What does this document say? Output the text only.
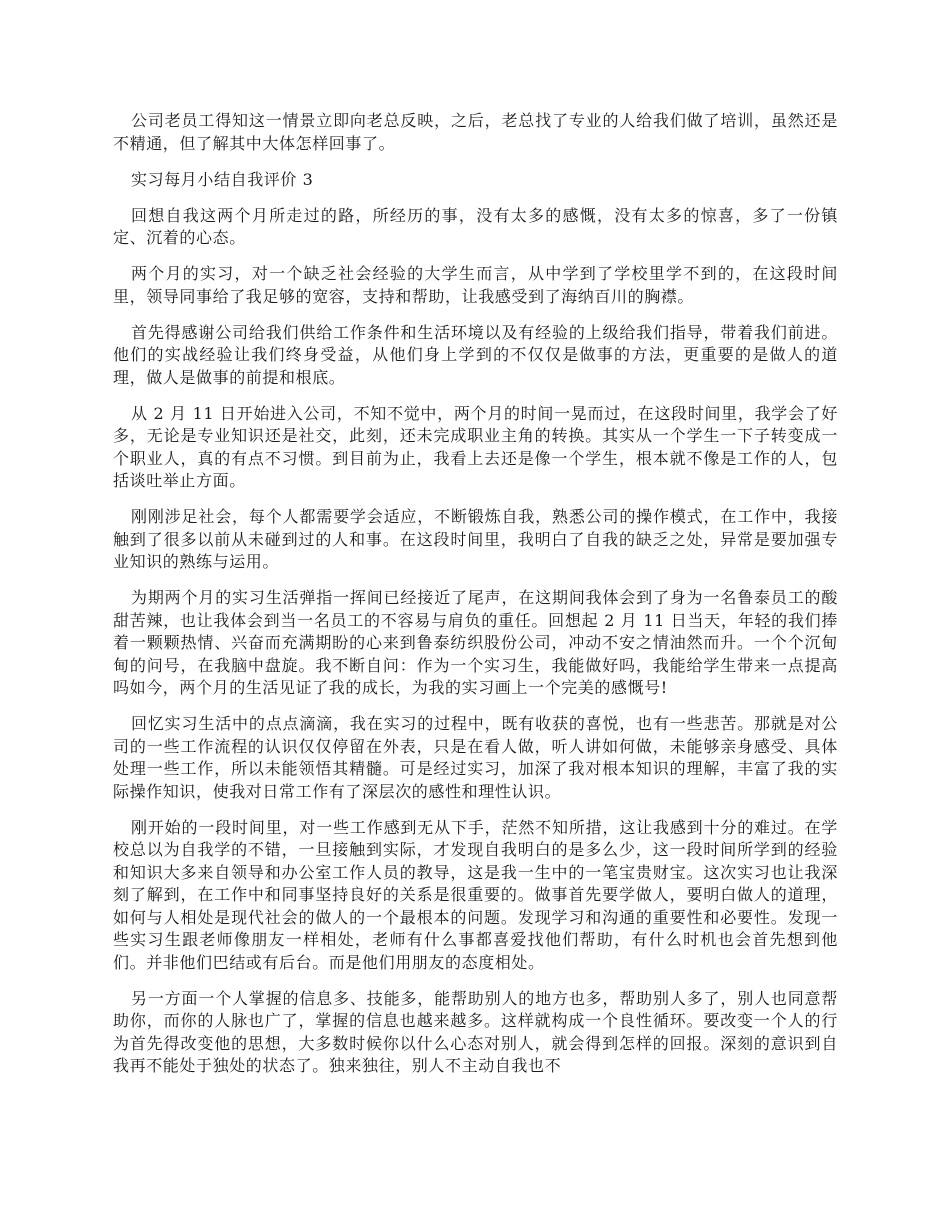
公司老员工得知这一情景立即向老总反映，之后，老总找了专业的人给我们做了培训，虽然还是不精通，但了解其中大体怎样回事了。

实习每月小结自我评价 3

回想自我这两个月所走过的路，所经历的事，没有太多的感慨，没有太多的惊喜，多了一份镇定、沉着的心态。

两个月的实习，对一个缺乏社会经验的大学生而言，从中学到了学校里学不到的，在这段时间里，领导同事给了我足够的宽容，支持和帮助，让我感受到了海纳百川的胸襟。

首先得感谢公司给我们供给工作条件和生活环境以及有经验的上级给我们指导，带着我们前进。他们的实战经验让我们终身受益，从他们身上学到的不仅仅是做事的方法，更重要的是做人的道理，做人是做事的前提和根底。

从 2 月 11 日开始进入公司，不知不觉中，两个月的时间一晃而过，在这段时间里，我学会了好多，无论是专业知识还是社交，此刻，还未完成职业主角的转换。其实从一个学生一下子转变成一个职业人，真的有点不习惯。到目前为止，我看上去还是像一个学生，根本就不像是工作的人，包括谈吐举止方面。

刚刚涉足社会，每个人都需要学会适应，不断锻炼自我，熟悉公司的操作模式，在工作中，我接触到了很多以前从未碰到过的人和事。在这段时间里，我明白了自我的缺乏之处，异常是要加强专业知识的熟练与运用。

为期两个月的实习生活弹指一挥间已经接近了尾声，在这期间我体会到了身为一名鲁泰员工的酸甜苦辣，也让我体会到当一名员工的不容易与肩负的重任。回想起 2 月 11 日当天，年轻的我们捧着一颗颗热情、兴奋而充满期盼的心来到鲁泰纺织股份公司，冲动不安之情油然而升。一个个沉甸甸的问号，在我脑中盘旋。我不断自问：作为一个实习生，我能做好吗，我能给学生带来一点提高吗如今，两个月的生活见证了我的成长，为我的实习画上一个完美的感慨号!

回忆实习生活中的点点滴滴，我在实习的过程中，既有收获的喜悦，也有一些悲苦。那就是对公司的一些工作流程的认识仅仅停留在外表，只是在看人做，听人讲如何做，未能够亲身感受、具体处理一些工作，所以未能领悟其精髓。可是经过实习，加深了我对根本知识的理解，丰富了我的实际操作知识，使我对日常工作有了深层次的感性和理性认识。

刚开始的一段时间里，对一些工作感到无从下手，茫然不知所措，这让我感到十分的难过。在学校总以为自我学的不错，一旦接触到实际，才发现自我明白的是多么少，这一段时间所学到的经验和知识大多来自领导和办公室工作人员的教导，这是我一生中的一笔宝贵财宝。这次实习也让我深刻了解到，在工作中和同事坚持良好的关系是很重要的。做事首先要学做人，要明白做人的道理，如何与人相处是现代社会的做人的一个最根本的问题。发现学习和沟通的重要性和必要性。发现一些实习生跟老师像朋友一样相处，老师有什么事都喜爱找他们帮助，有什么时机也会首先想到他们。并非他们巴结或有后台。而是他们用朋友的态度相处。

另一方面一个人掌握的信息多、技能多，能帮助别人的地方也多，帮助别人多了，别人也同意帮助你，而你的人脉也广了，掌握的信息也越来越多。这样就构成一个良性循环。要改变一个人的行为首先得改变他的思想，大多数时候你以什么心态对别人，就会得到怎样的回报。深刻的意识到自我再不能处于独处的状态了。独来独往，别人不主动自我也不
